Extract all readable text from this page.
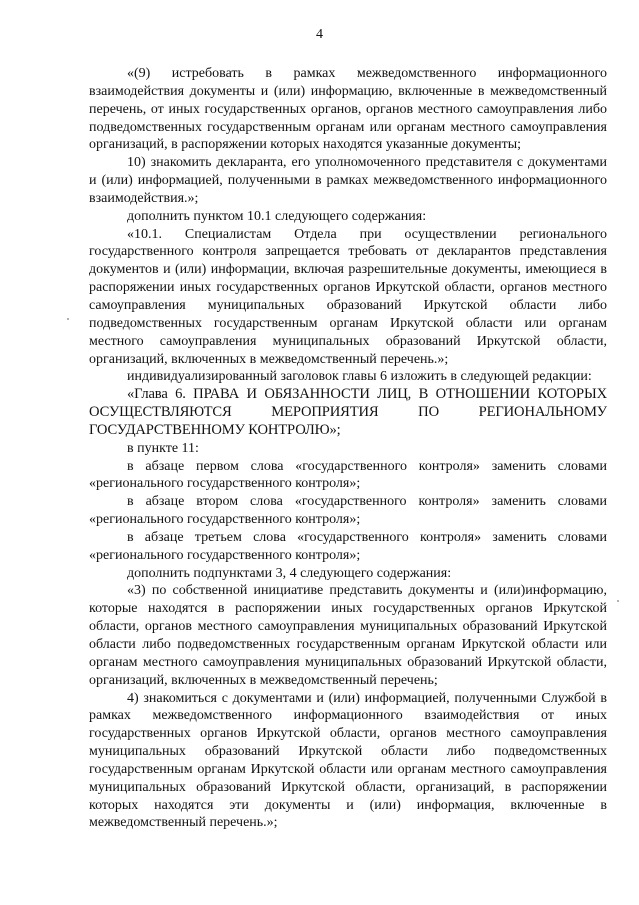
4

«(9) истребовать в рамках межведомственного информационного взаимодействия документы и (или) информацию, включенные в межведомственный перечень, от иных государственных органов, органов местного самоуправления либо подведомственных государственным органам или органам местного самоуправления организаций, в распоряжении которых находятся указанные документы;

10) знакомить декларанта, его уполномоченного представителя с документами и (или) информацией, полученными в рамках межведомственного информационного взаимодействия.»;

дополнить пунктом 10.1 следующего содержания:

«10.1. Специалистам Отдела при осуществлении регионального государственного контроля запрещается требовать от декларантов представления документов и (или) информации, включая разрешительные документы, имеющиеся в распоряжении иных государственных органов Иркутской области, органов местного самоуправления муниципальных образований Иркутской области либо подведомственных государственным органам Иркутской области или органам местного самоуправления муниципальных образований Иркутской области, организаций, включенных в межведомственный перечень.»;

индивидуализированный заголовок главы 6 изложить в следующей редакции:

«Глава 6. ПРАВА И ОБЯЗАННОСТИ ЛИЦ, В ОТНОШЕНИИ КОТОРЫХ ОСУЩЕСТВЛЯЮТСЯ МЕРОПРИЯТИЯ ПО РЕГИОНАЛЬНОМУ ГОСУДАРСТВЕННОМУ КОНТРОЛЮ»;

в пункте 11:

в абзаце первом слова «государственного контроля» заменить словами «регионального государственного контроля»;

в абзаце втором слова «государственного контроля» заменить словами «регионального государственного контроля»;

в абзаце третьем слова «государственного контроля» заменить словами «регионального государственного контроля»;

дополнить подпунктами 3, 4 следующего содержания:

«3) по собственной инициативе представить документы и (или)информацию, которые находятся в распоряжении иных государственных органов Иркутской области, органов местного самоуправления муниципальных образований Иркутской области либо подведомственных государственным органам Иркутской области или органам местного самоуправления муниципальных образований Иркутской области, организаций, включенных в межведомственный перечень;

4) знакомиться с документами и (или) информацией, полученными Службой в рамках межведомственного информационного взаимодействия от иных государственных органов Иркутской области, органов местного самоуправления муниципальных образований Иркутской области либо подведомственных государственным органам Иркутской области или органам местного самоуправления муниципальных образований Иркутской области, организаций, в распоряжении которых находятся эти документы и (или) информация, включенные в межведомственный перечень.»;
